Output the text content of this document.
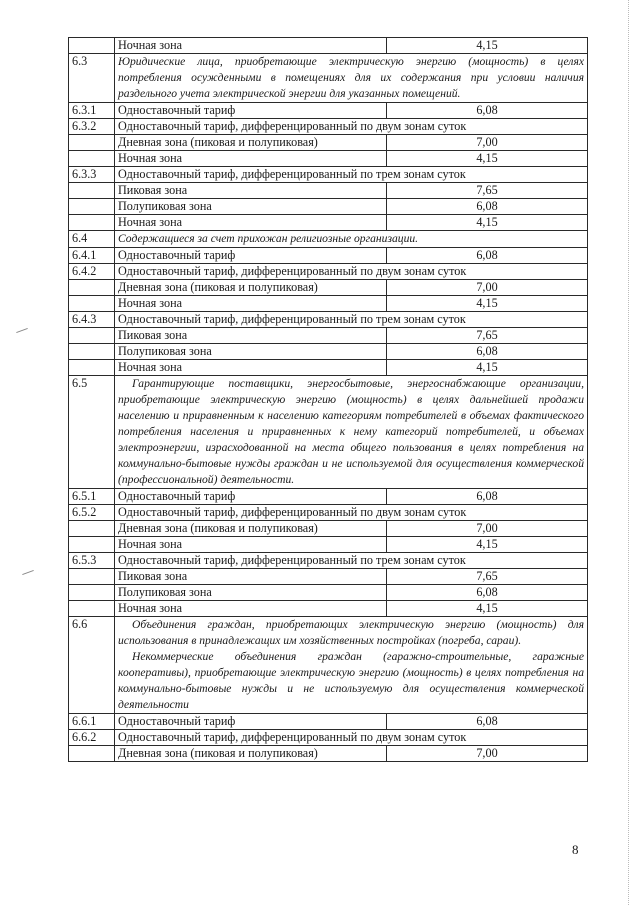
	Ночная зона	4,15
6.3	Юридические лица, приобретающие электрическую энергию (мощность) в целях потребления осужденными в помещениях для их содержания при условии наличия раздельного учета электрической энергии для указанных помещений.	

6.3.1	Одноставочный тариф	6,08
6.3.2	Одноставочный тариф, дифференцированный по двум зонам суток	
	Дневная зона (пиковая и полупиковая)	7,00
	Ночная зона	4,15
6.3.3	Одноставочный тариф, дифференцированный по трем зонам суток	
	Пиковая зона	7,65
	Полупиковая зона	6,08
	Ночная зона	4,15
6.4	Содержащиеся за счет прихожан религиозные организации.	

6.4.1	Одноставочный тариф	6,08
6.4.2	Одноставочный тариф, дифференцированный по двум зонам суток	
	Дневная зона (пиковая и полупиковая)	7,00
	Ночная зона	4,15
6.4.3	Одноставочный тариф, дифференцированный по трем зонам суток	
	Пиковая зона	7,65
	Полупиковая зона	6,08
	Ночная зона	4,15
6.5	Гарантирующие поставщики, энергосбытовые, энергоснабжающие организации, приобретающие электрическую энергию (мощность) в целях дальнейшей продажи населению и приравненным к населению категориям потребителей в объемах фактического потребления населения и приравненных к нему категорий потребителей, и объемах электроэнергии, израсходованной на места общего пользования в целях потребления на коммунально-бытовые нужды граждан и не используемой для осуществления коммерческой (профессиональной) деятельности.	

6.5.1	Одноставочный тариф	6,08
6.5.2	Одноставочный тариф, дифференцированный по двум зонам суток	
	Дневная зона (пиковая и полупиковая)	7,00
	Ночная зона	4,15
6.5.3	Одноставочный тариф, дифференцированный по трем зонам суток	
	Пиковая зона	7,65
	Полупиковая зона	6,08
	Ночная зона	4,15
6.6	Объединения граждан, приобретающих электрическую энергию (мощность) для использования в принадлежащих им хозяйственных постройках (погреба, сараи).

Некоммерческие объединения граждан (гаражно-строительные, гаражные кооперативы), приобретающие электрическую энергию (мощность) в целях потребления на коммунально-бытовые нужды и не используемую для осуществления коммерческой деятельности	

6.6.1	Одноставочный тариф	6,08
6.6.2	Одноставочный тариф, дифференцированный по двум зонам суток	
	Дневная зона (пиковая и полупиковая)	7,00
8
